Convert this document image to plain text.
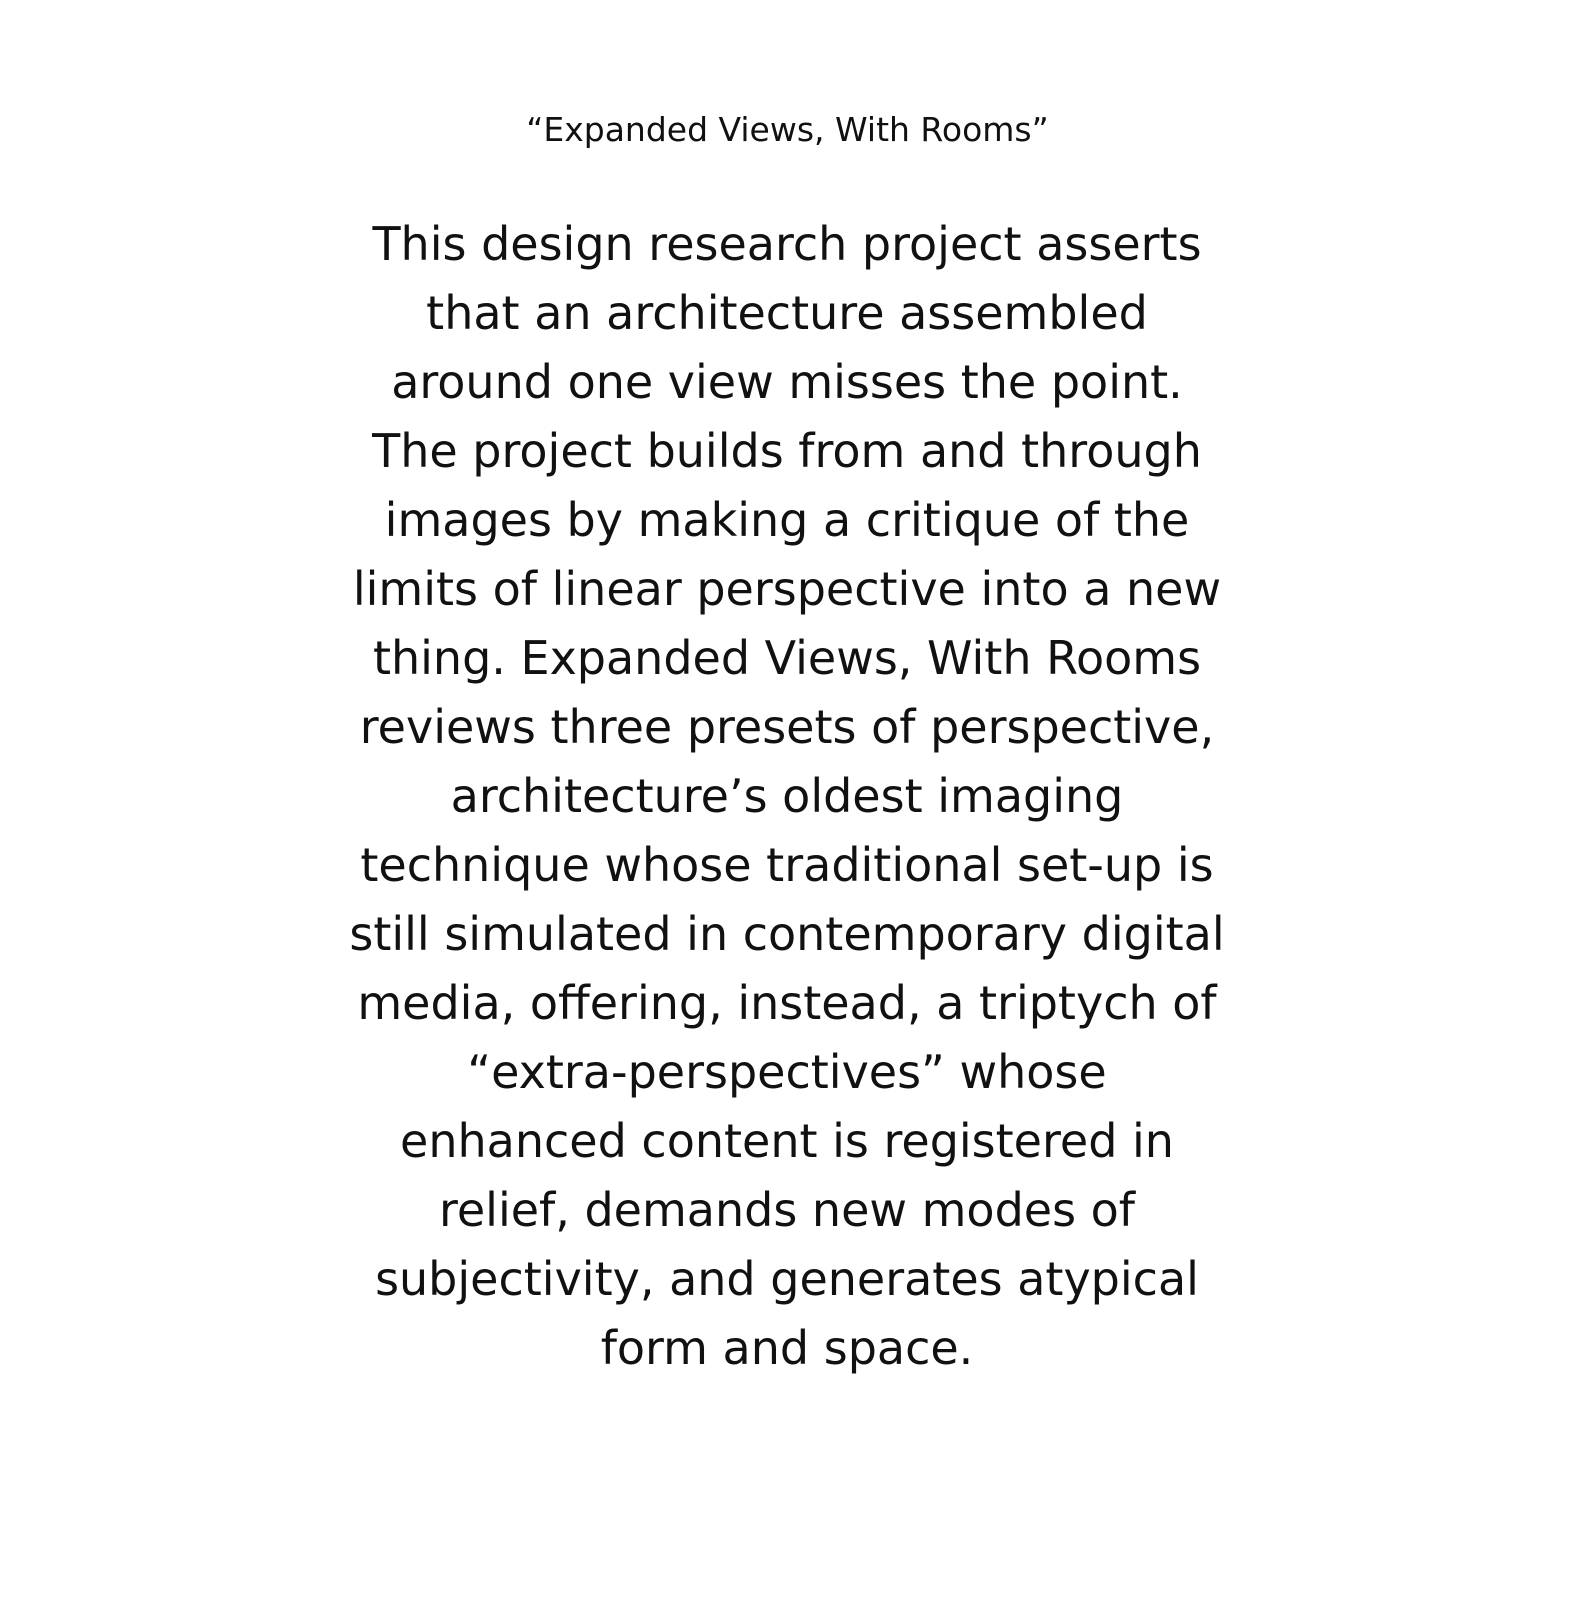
“Expanded Views, With Rooms”

This design research project asserts
that an architecture assembled
around one view misses the point.
The project builds from and through
images by making a critique of the
limits of linear perspective into a new
thing. Expanded Views, With Rooms
reviews three presets of perspective,
architecture’s oldest imaging
technique whose traditional set-up is
still simulated in contemporary digital
media, offering, instead, a triptych of
“extra-perspectives” whose
enhanced content is registered in
relief, demands new modes of
subjectivity, and generates atypical
form and space.
